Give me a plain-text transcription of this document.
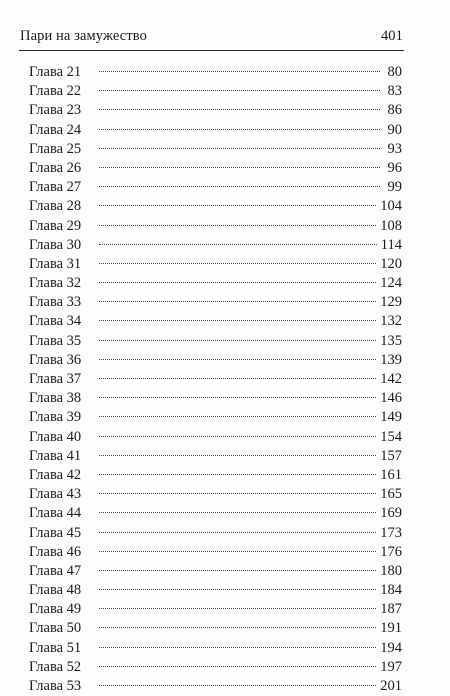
Пари на замужество	401
Глава 21	80
Глава 22	83
Глава 23	86
Глава 24	90
Глава 25	93
Глава 26	96
Глава 27	99
Глава 28	104
Глава 29	108
Глава 30	114
Глава 31	120
Глава 32	124
Глава 33	129
Глава 34	132
Глава 35	135
Глава 36	139
Глава 37	142
Глава 38	146
Глава 39	149
Глава 40	154
Глава 41	157
Глава 42	161
Глава 43	165
Глава 44	169
Глава 45	173
Глава 46	176
Глава 47	180
Глава 48	184
Глава 49	187
Глава 50	191
Глава 51	194
Глава 52	197
Глава 53	201
